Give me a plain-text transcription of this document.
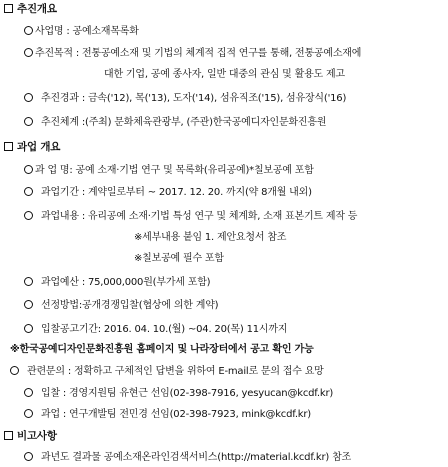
추진개요
사업명 : 공예소재목록화
추진목적 : 전통공예소재 및 기법의 체계적 집적 연구를 통해, 전통공예소재에
대한 기업, 공예 종사자, 일반 대중의 관심 및 활용도 제고
추진경과 : 금속('12), 목('13), 도자('14), 섬유직조('15), 섬유장식('16)
추진체계 :(주최) 문화체육관광부, (주관)한국공예디자인문화진흥원
과업 개요
과 업 명: 공예 소재·기법 연구 및 목록화(유리공예)*칠보공예 포함
과업기간 : 계약일로부터 ~ 2017. 12. 20. 까지(약 8개월 내외)
과업내용 : 유리공예 소재·기법 특성 연구 및 체계화, 소재 표본기트 제작 등
※세부내용 붙임 1. 제안요청서 참조
※칠보공예 필수 포함
과업예산 : 75,000,000원(부가세 포함)
선정방법:공개경쟁입찰(협상에 의한 계약)
입찰공고기간: 2016. 04. 10.(월) ~04. 20(목) 11시까지
※한국공예디자인문화진흥원 홈페이지 및 나라장터에서 공고 확인 가능
관련문의 : 정확하고 구체적인 답변을 위하여 E-mail로 문의 접수 요망
입찰 : 경영지원팀 유현근 선임(02-398-7916, yesyucan@kcdf.kr)
과업 : 연구개발팀 전민경 선임(02-398-7923, mink@kcdf.kr)
비고사항
과년도 결과물 공예소재온라인검색서비스(http://material.kcdf.kr) 참조
